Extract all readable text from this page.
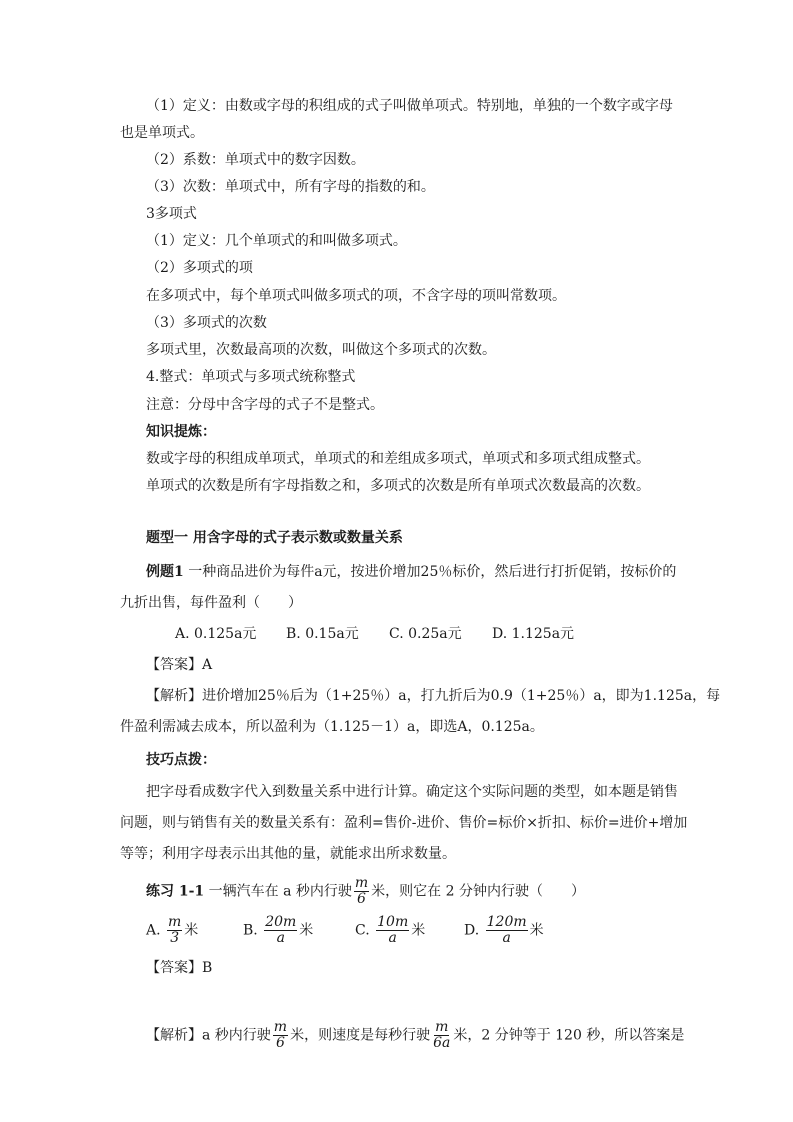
（1）定义：由数或字母的积组成的式子叫做单项式。特别地，单独的一个数字或字母
也是单项式。
（2）系数：单项式中的数字因数。
（3）次数：单项式中，所有字母的指数的和。
3多项式
（1）定义：几个单项式的和叫做多项式。
（2）多项式的项
在多项式中，每个单项式叫做多项式的项，不含字母的项叫常数项。
（3）多项式的次数
多项式里，次数最高项的次数，叫做这个多项式的次数。
4.整式：单项式与多项式统称整式
注意：分母中含字母的式子不是整式。
知识提炼：
数或字母的积组成单项式，单项式的和差组成多项式，单项式和多项式组成整式。
单项式的次数是所有字母指数之和，多项式的次数是所有单项式次数最高的次数。
题型一 用含字母的式子表示数或数量关系
例题1 一种商品进价为每件a元，按进价增加25％标价，然后进行打折促销，按标价的
九折出售，每件盈利（　　）
A. 0.125a元 B. 0.15a元 C. 0.25a元 D. 1.125a元
【答案】A
【解析】进价增加25％后为（1+25％）a，打九折后为0.9（1+25％）a，即为1.125a，每
件盈利需减去成本，所以盈利为（1.125－1）a，即选A，0.125a。
技巧点拨：
把字母看成数字代入到数量关系中进行计算。确定这个实际问题的类型，如本题是销售
问题，则与销售有关的数量关系有：盈利=售价-进价、售价=标价×折扣、标价=进价+增加
等等；利用字母表示出其他的量，就能求出所求数量。
练习 1-1 一辆汽车在 a 秒内行驶 $\frac{m}{6}$ 米，则它在 2 分钟内行驶（　　）
A. $\frac{m}{3}$ 米	B. $\frac{20m}{a}$ 米	C. $\frac{10m}{a}$ 米	D. $\frac{120m}{a}$ 米
【答案】B
【解析】a 秒内行驶 $\frac{m}{6}$ 米，则速度是每秒行驶 $\frac{m}{6a}$ 米，2 分钟等于 120 秒，所以答案是
